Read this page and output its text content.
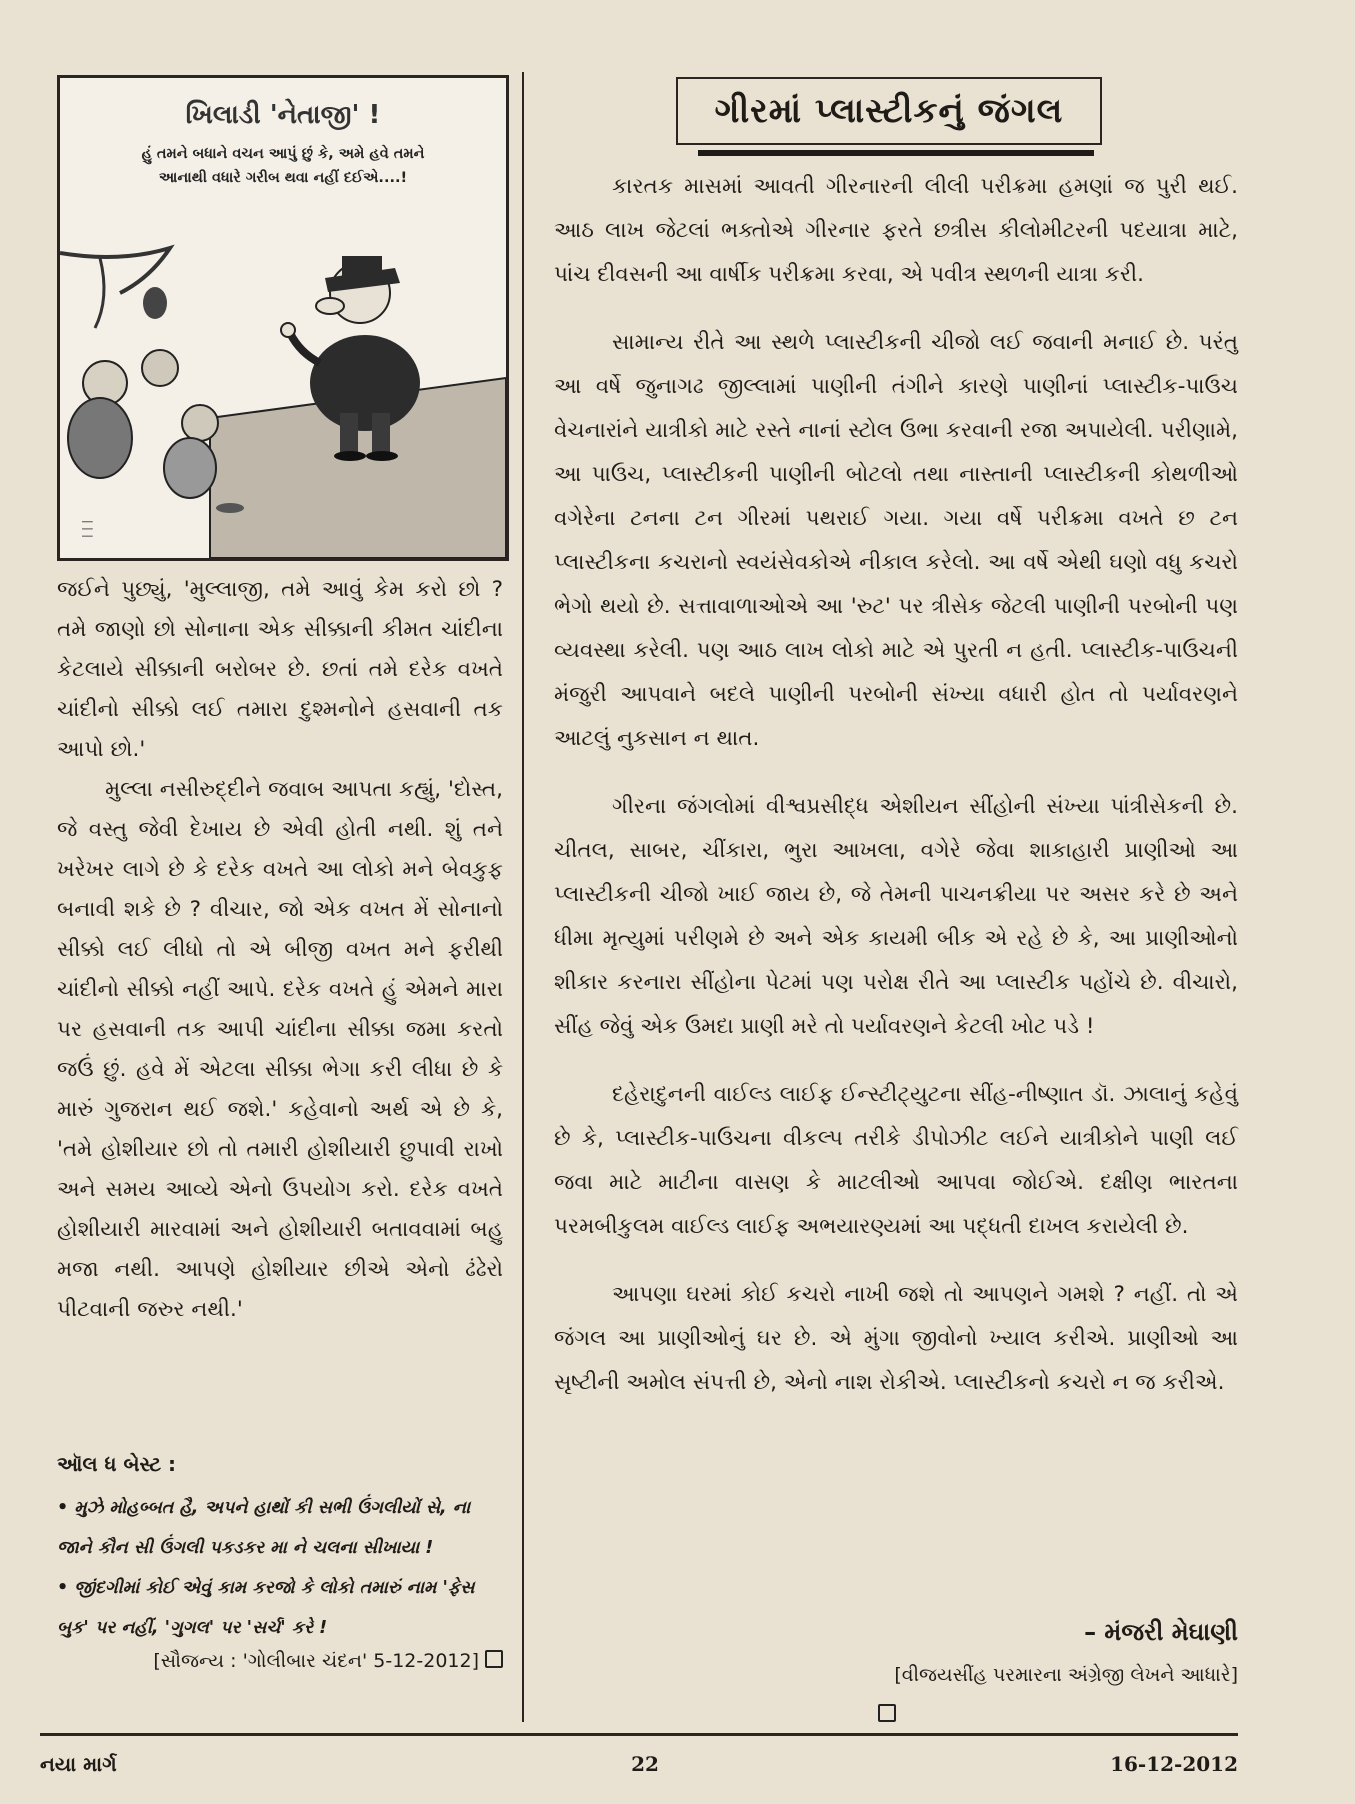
| | |
ખિલાડી 'નેતાજી' !
હું તમને બધાને વચન આપું છું કે, અમે હવે તમને
આનાથી વધારે ગરીબ થવા નહીં દઈએ....!

જઈને પુછ્યું, 'મુલ્લાજી, તમે આવું કેમ કરો છો ? તમે જાણો છો સોનાના એક સીક્કાની કીમત ચાંદીના કેટલાયે સીક્કાની બરોબર છે. છતાં તમે દરેક વખતે ચાંદીનો સીક્કો લઈ તમારા દુશ્મનોને હસવાની તક આપો છો.'

મુલ્લા નસીરુદ્દીને જવાબ આપતા કહ્યું, 'દોસ્ત, જે વસ્તુ જેવી દેખાય છે એવી હોતી નથી. શું તને ખરેખર લાગે છે કે દરેક વખતે આ લોકો મને બેવકુફ બનાવી શકે છે ? વીચાર, જો એક વખત મેં સોનાનો સીક્કો લઈ લીધો તો એ બીજી વખત મને ફરીથી ચાંદીનો સીક્કો નહીં આપે. દરેક વખતે હું એમને મારા પર હસવાની તક આપી ચાંદીના સીક્કા જમા કરતો જઉં છું. હવે મેં એટલા સીક્કા ભેગા કરી લીધા છે કે મારું ગુજરાન થઈ જશે.' કહેવાનો અર્થ એ છે કે, 'તમે હોશીયાર છો તો તમારી હોશીયારી છુપાવી રાખો અને સમય આવ્યે એનો ઉપયોગ કરો. દરેક વખતે હોશીયારી મારવામાં અને હોશીયારી બતાવવામાં બહુ મજા નથી. આપણે હોશીયાર છીએ એનો ઢંઢેરો પીટવાની જરુર નથી.'

ઑલ ધ બેસ્ટ :

• મુઝે મોહબ્બત હૈ, અપને હાથોં કી સભી ઉંગલીયોં સે, ના જાને કૌન સી ઉંગલી પકડકર મા ને ચલના સીખાયા !

• જીંદગીમાં કોઈ એવું કામ કરજો કે લોકો તમારું નામ 'ફેસ બુક' પર નહીં, 'ગુગલ' પર 'સર્ચ' કરે !

[સૌજન્ય : 'ગોલીબાર ચંદન' 5-12-2012]
ગીરમાં પ્લાસ્ટીકનું જંગલ

કારતક માસમાં આવતી ગીરનારની લીલી પરીક્રમા હમણાં જ પુરી થઈ. આઠ લાખ જેટલાં ભક્તોએ ગીરનાર ફરતે છત્રીસ કીલોમીટરની પદયાત્રા માટે, પાંચ દીવસની આ વાર્ષીક પરીક્રમા કરવા, એ પવીત્ર સ્થળની યાત્રા કરી.

સામાન્ય રીતે આ સ્થળે પ્લાસ્ટીકની ચીજો લઈ જવાની મનાઈ છે. પરંતુ આ વર્ષે જુનાગઢ જીલ્લામાં પાણીની તંગીને કારણે પાણીનાં પ્લાસ્ટીક-પાઉચ વેચનારાંને યાત્રીકો માટે રસ્તે નાનાં સ્ટોલ ઉભા કરવાની રજા અપાયેલી. પરીણામે, આ પાઉચ, પ્લાસ્ટીકની પાણીની બોટલો તથા નાસ્તાની પ્લાસ્ટીકની કોથળીઓ વગેરેના ટનના ટન ગીરમાં પથરાઈ ગયા. ગયા વર્ષે પરીક્રમા વખતે છ ટન પ્લાસ્ટીકના કચરાનો સ્વયંસેવકોએ નીકાલ કરેલો. આ વર્ષે એથી ઘણો વધુ કચરો ભેગો થયો છે. સત્તાવાળાઓએ આ 'રુટ' પર ત્રીસેક જેટલી પાણીની પરબોની પણ વ્યવસ્થા કરેલી. પણ આઠ લાખ લોકો માટે એ પુરતી ન હતી. પ્લાસ્ટીક-પાઉચની મંજુરી આપવાને બદલે પાણીની પરબોની સંખ્યા વધારી હોત તો પર્યાવરણને આટલું નુકસાન ન થાત.

ગીરના જંગલોમાં વીશ્વપ્રસીદ્ધ એશીયન સીંહોની સંખ્યા પાંત્રીસેકની છે. ચીતલ, સાબર, ચીંકારા, ભુરા આખલા, વગેરે જેવા શાકાહારી પ્રાણીઓ આ પ્લાસ્ટીકની ચીજો ખાઈ જાય છે, જે તેમની પાચનક્રીયા પર અસર કરે છે અને ધીમા મૃત્યુમાં પરીણમે છે અને એક કાયમી બીક એ રહે છે કે, આ પ્રાણીઓનો શીકાર કરનારા સીંહોના પેટમાં પણ પરોક્ષ રીતે આ પ્લાસ્ટીક પહોંચે છે. વીચારો, સીંહ જેવું એક ઉમદા પ્રાણી મરે તો પર્યાવરણને કેટલી ખોટ પડે !

દહેરાદુનની વાઈલ્ડ લાઈફ ઈન્સ્ટીટ્યુટના સીંહ-નીષ્ણાત ડૉ. ઝાલાનું કહેવું છે કે, પ્લાસ્ટીક-પાઉચના વીકલ્પ તરીકે ડીપોઝીટ લઈને યાત્રીકોને પાણી લઈ જવા માટે માટીના વાસણ કે માટલીઓ આપવા જોઈએ. દક્ષીણ ભારતના પરમબીકુલમ વાઈલ્ડ લાઈફ અભયારણ્યમાં આ પદ્ધતી દાખલ કરાયેલી છે.

આપણા ઘરમાં કોઈ કચરો નાખી જશે તો આપણને ગમશે ? નહીં. તો એ જંગલ આ પ્રાણીઓનું ઘર છે. એ મુંગા જીવોનો ખ્યાલ કરીએ. પ્રાણીઓ આ સૃષ્ટીની અમોલ સંપત્તી છે, એનો નાશ રોકીએ. પ્લાસ્ટીકનો કચરો ન જ કરીએ.

– મંજરી મેઘાણી
[વીજયસીંહ પરમારના અંગ્રેજી લેખને આધારે]
નયા માર્ગ	22	16-12-2012
